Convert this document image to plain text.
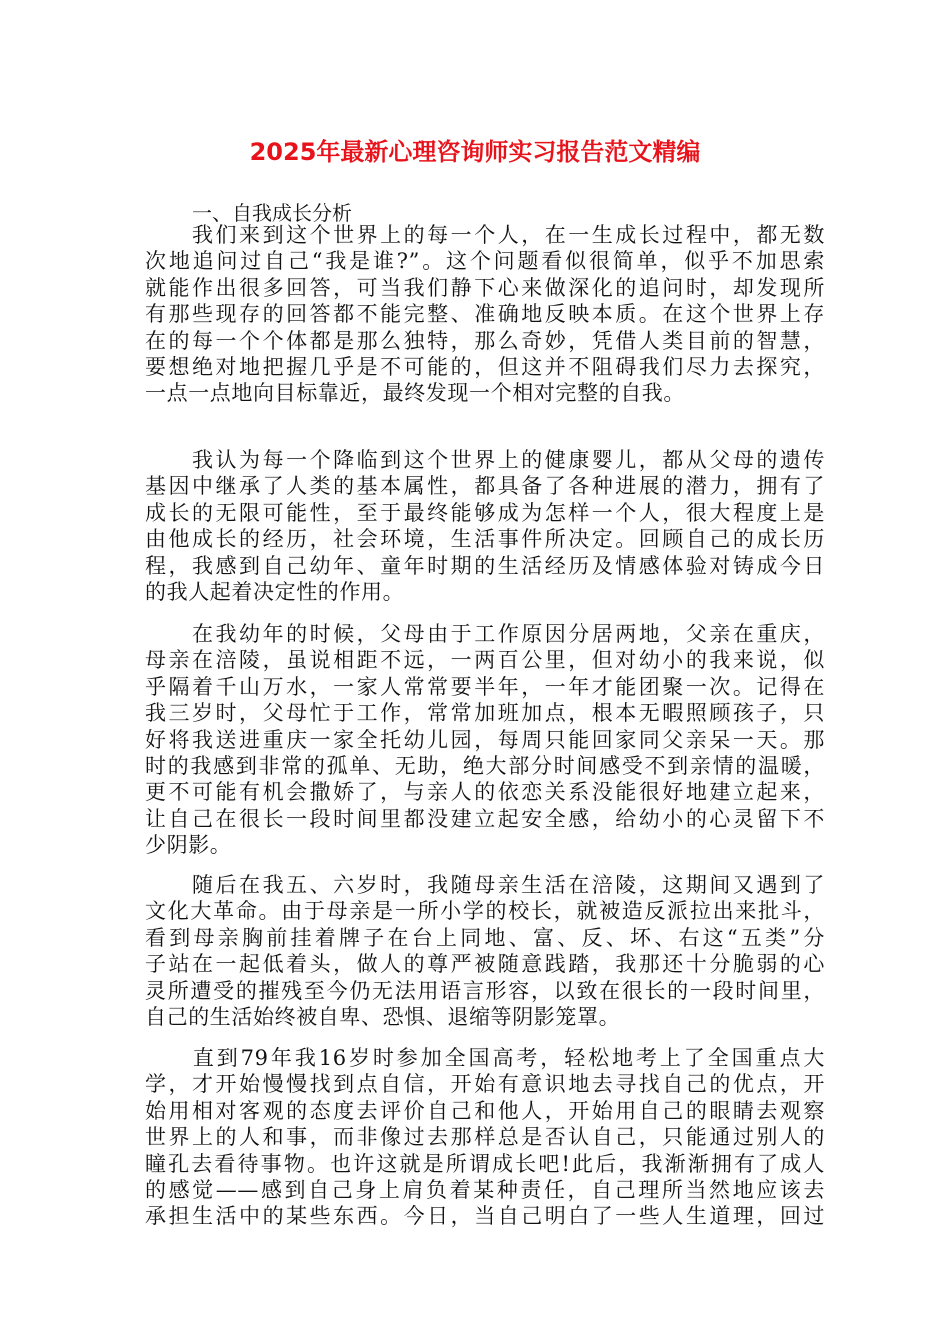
2025年最新心理咨询师实习报告范文精编

一、自我成长分析

　　我们来到这个世界上的每一个人，在一生成长过程中，都无数
次地追问过自己“我是谁?”。这个问题看似很简单，似乎不加思索
就能作出很多回答，可当我们静下心来做深化的追问时，却发现所
有那些现存的回答都不能完整、准确地反映本质。在这个世界上存
在的每一个个体都是那么独特，那么奇妙，凭借人类目前的智慧，
要想绝对地把握几乎是不可能的，但这并不阻碍我们尽力去探究，
一点一点地向目标靠近，最终发现一个相对完整的自我。
　　我认为每一个降临到这个世界上的健康婴儿，都从父母的遗传
基因中继承了人类的基本属性，都具备了各种进展的潜力，拥有了
成长的无限可能性，至于最终能够成为怎样一个人，很大程度上是
由他成长的经历，社会环境，生活事件所决定。回顾自己的成长历
程，我感到自己幼年、童年时期的生活经历及情感体验对铸成今日
的我人起着决定性的作用。
　　在我幼年的时候，父母由于工作原因分居两地，父亲在重庆，
母亲在涪陵，虽说相距不远，一两百公里，但对幼小的我来说，似
乎隔着千山万水，一家人常常要半年，一年才能团聚一次。记得在
我三岁时，父母忙于工作，常常加班加点，根本无暇照顾孩子，只
好将我送进重庆一家全托幼儿园，每周只能回家同父亲呆一天。那
时的我感到非常的孤单、无助，绝大部分时间感受不到亲情的温暖，
更不可能有机会撒娇了，与亲人的依恋关系没能很好地建立起来，
让自己在很长一段时间里都没建立起安全感，给幼小的心灵留下不
少阴影。
　　随后在我五、六岁时，我随母亲生活在涪陵，这期间又遇到了
文化大革命。由于母亲是一所小学的校长，就被造反派拉出来批斗，
看到母亲胸前挂着牌子在台上同地、富、反、坏、右这“五类”分
子站在一起低着头，做人的尊严被随意践踏，我那还十分脆弱的心
灵所遭受的摧残至今仍无法用语言形容，以致在很长的一段时间里，
自己的生活始终被自卑、恐惧、退缩等阴影笼罩。
　　直到79年我16岁时参加全国高考，轻松地考上了全国重点大
学，才开始慢慢找到点自信，开始有意识地去寻找自己的优点，开
始用相对客观的态度去评价自己和他人，开始用自己的眼睛去观察
世界上的人和事，而非像过去那样总是否认自己，只能通过别人的
瞳孔去看待事物。也许这就是所谓成长吧!此后，我渐渐拥有了成人
的感觉——感到自己身上肩负着某种责任，自己理所当然地应该去
承担生活中的某些东西。今日，当自己明白了一些人生道理，回过
